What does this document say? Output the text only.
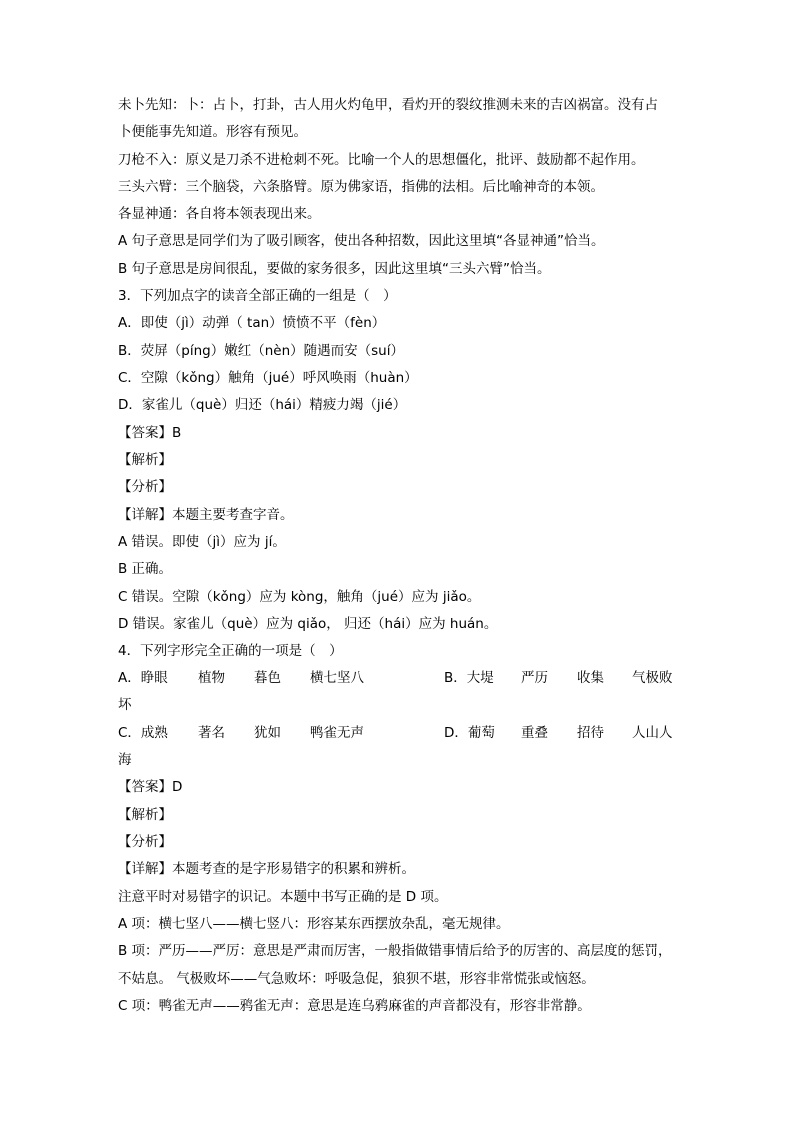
未卜先知：卜：占卜，打卦，古人用火灼龟甲，看灼开的裂纹推测未来的吉凶祸富。没有占
卜便能事先知道。形容有预见。
刀枪不入：原义是刀杀不进枪刺不死。比喻一个人的思想僵化，批评、鼓励都不起作用。
三头六臂：三个脑袋，六条胳臂。原为佛家语，指佛的法相。后比喻神奇的本领。
各显神通：各自将本领表现出来。
A 句子意思是同学们为了吸引顾客，使出各种招数，因此这里填“各显神通”恰当。
B 句子意思是房间很乱，要做的家务很多，因此这里填“三头六臂”恰当。
3．下列加点字的读音全部正确的一组是（　）
A．即使（jì）动弹（ tan）愤愤不平（fèn）
B．荧屏（píng）嫩红（nèn）随遇而安（suí）
C．空隙（kǒng）触角（jué）呼风唤雨（huàn）
D．家雀儿（què）归还（hái）精疲力竭（jié）
【答案】B
【解析】
【分析】
【详解】本题主要考查字音。
A 错误。即使（jì）应为 jí。
B 正确。
C 错误。空隙（kǒng）应为 kòng，触角（jué）应为 jiǎo。
D 错误。家雀儿（què）应为 qiǎo， 归还（hái）应为 huán。
4．下列字形完全正确的一项是（　）
A．睁眼 植物 暮色 横七坚八	B．大堤 严历 收集 气极败
坏
C．成熟 著名 犹如 鸭雀无声	D．葡萄 重叠 招待 人山人
海
【答案】D
【解析】
【分析】
【详解】本题考查的是字形易错字的积累和辨析。
注意平时对易错字的识记。本题中书写正确的是 D 项。
A 项：横七坚八——横七竖八：形容某东西摆放杂乱，毫无规律。
B 项：严历——严厉：意思是严肃而厉害，一般指做错事情后给予的厉害的、高层度的惩罚，
不姑息。 气极败坏——气急败坏：呼吸急促，狼狈不堪，形容非常慌张或恼怒。
C 项：鸭雀无声——鸦雀无声：意思是连乌鸦麻雀的声音都没有，形容非常静。
